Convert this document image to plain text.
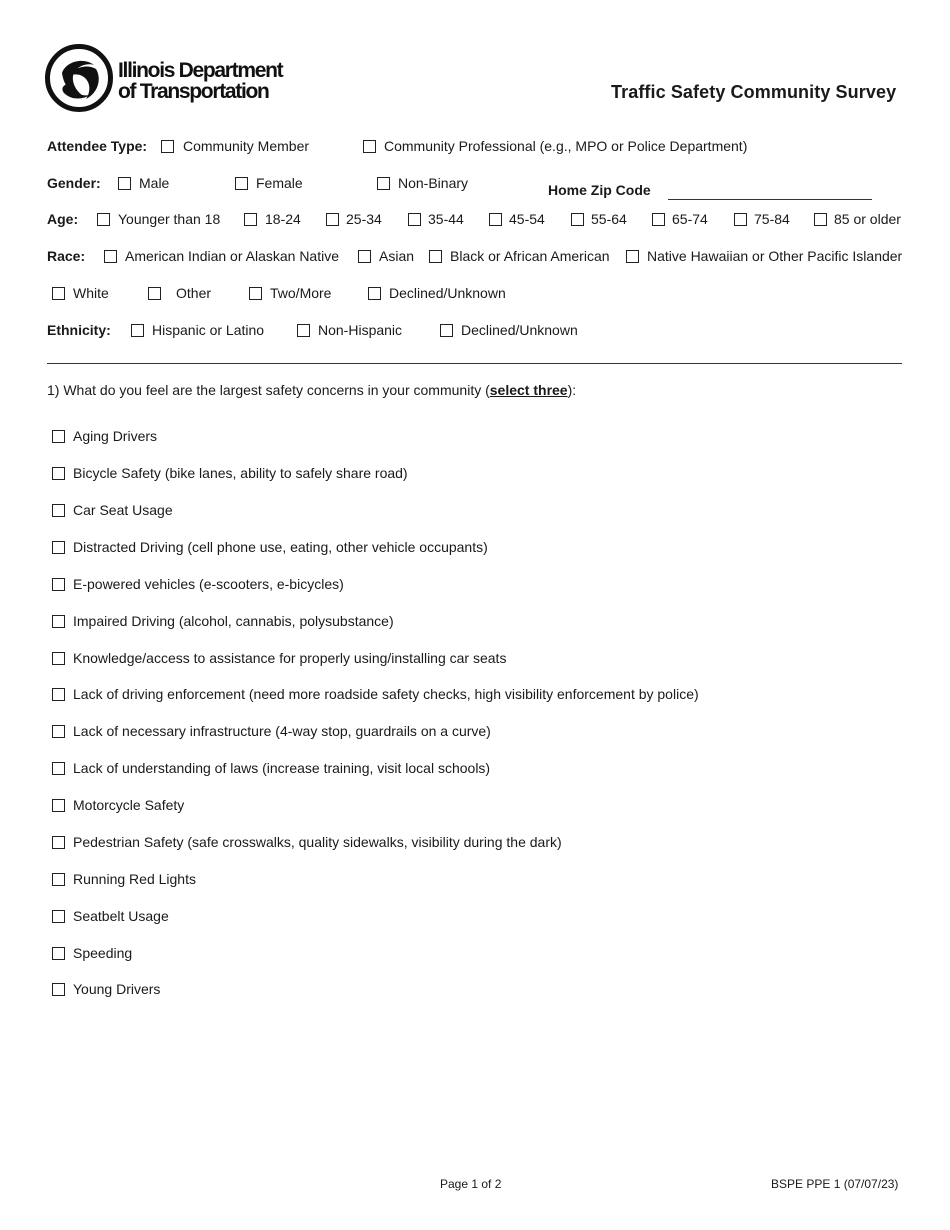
Illinois Department
of Transportation	Traffic Safety Community Survey
Attendee Type:	Community Member	Community Professional (e.g., MPO or Police Department)
Gender:	Male	Female	Non-Binary	Home Zip Code
Age:	Younger than 18	18-24	25-34	35-44	45-54	55-64	65-74	75-84	85 or older
Race:	American Indian or Alaskan Native	Asian	Black or African American	Native Hawaiian or Other Pacific Islander
White	Other	Two/More	Declined/Unknown
Ethnicity:	Hispanic or Latino	Non-Hispanic	Declined/Unknown
1) What do you feel are the largest safety concerns in your community (select three):
Aging Drivers
Bicycle Safety (bike lanes, ability to safely share road)
Car Seat Usage
Distracted Driving (cell phone use, eating, other vehicle occupants)
E-powered vehicles (e-scooters, e-bicycles)
Impaired Driving (alcohol, cannabis, polysubstance)
Knowledge/access to assistance for properly using/installing car seats
Lack of driving enforcement (need more roadside safety checks, high visibility enforcement by police)
Lack of necessary infrastructure (4-way stop, guardrails on a curve)
Lack of understanding of laws (increase training, visit local schools)
Motorcycle Safety
Pedestrian Safety (safe crosswalks, quality sidewalks, visibility during the dark)
Running Red Lights
Seatbelt Usage
Speeding
Young Drivers
Page 1 of 2	BSPE PPE 1 (07/07/23)
